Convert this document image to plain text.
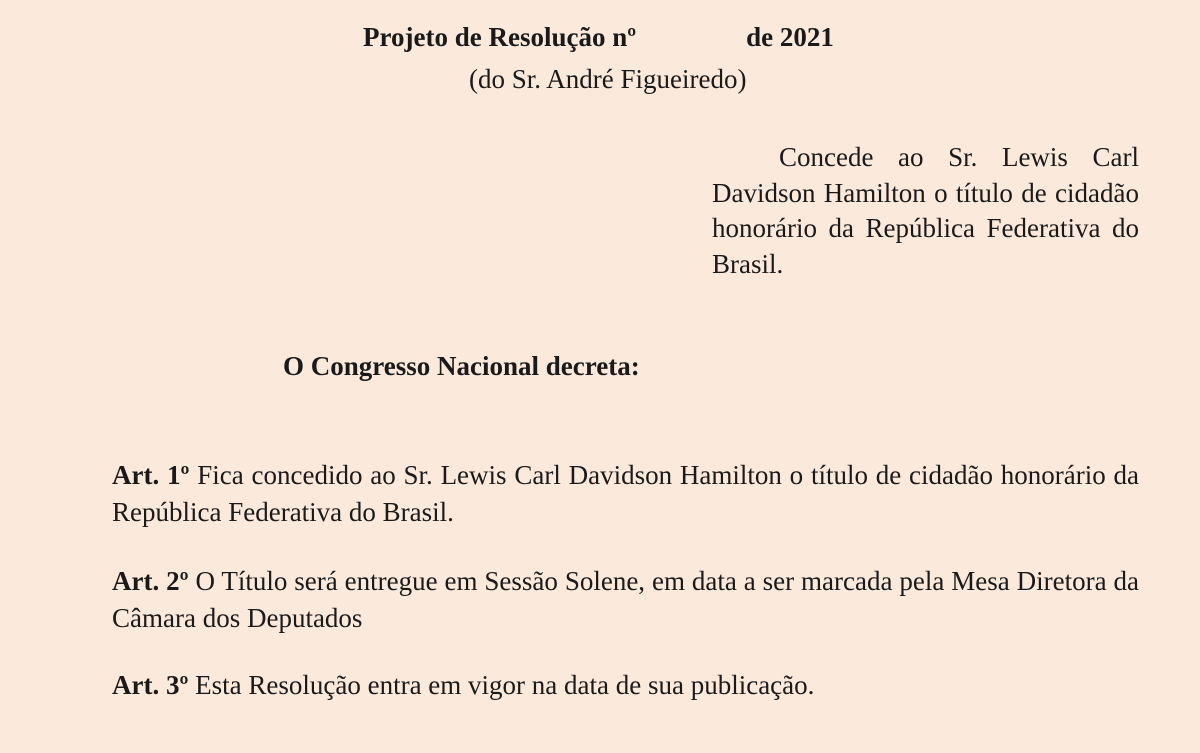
Projeto de Resolução nº	de 2021
(do Sr. André Figueiredo)
Concede ao Sr. Lewis Carl Davidson Hamilton o título de cidadão honorário da República Federativa do Brasil.
O Congresso Nacional decreta:
Art. 1º Fica concedido ao Sr. Lewis Carl Davidson Hamilton o título de cidadão honorário da República Federativa do Brasil.
Art. 2º O Título será entregue em Sessão Solene, em data a ser marcada pela Mesa Diretora da Câmara dos Deputados
Art. 3º Esta Resolução entra em vigor na data de sua publicação.
